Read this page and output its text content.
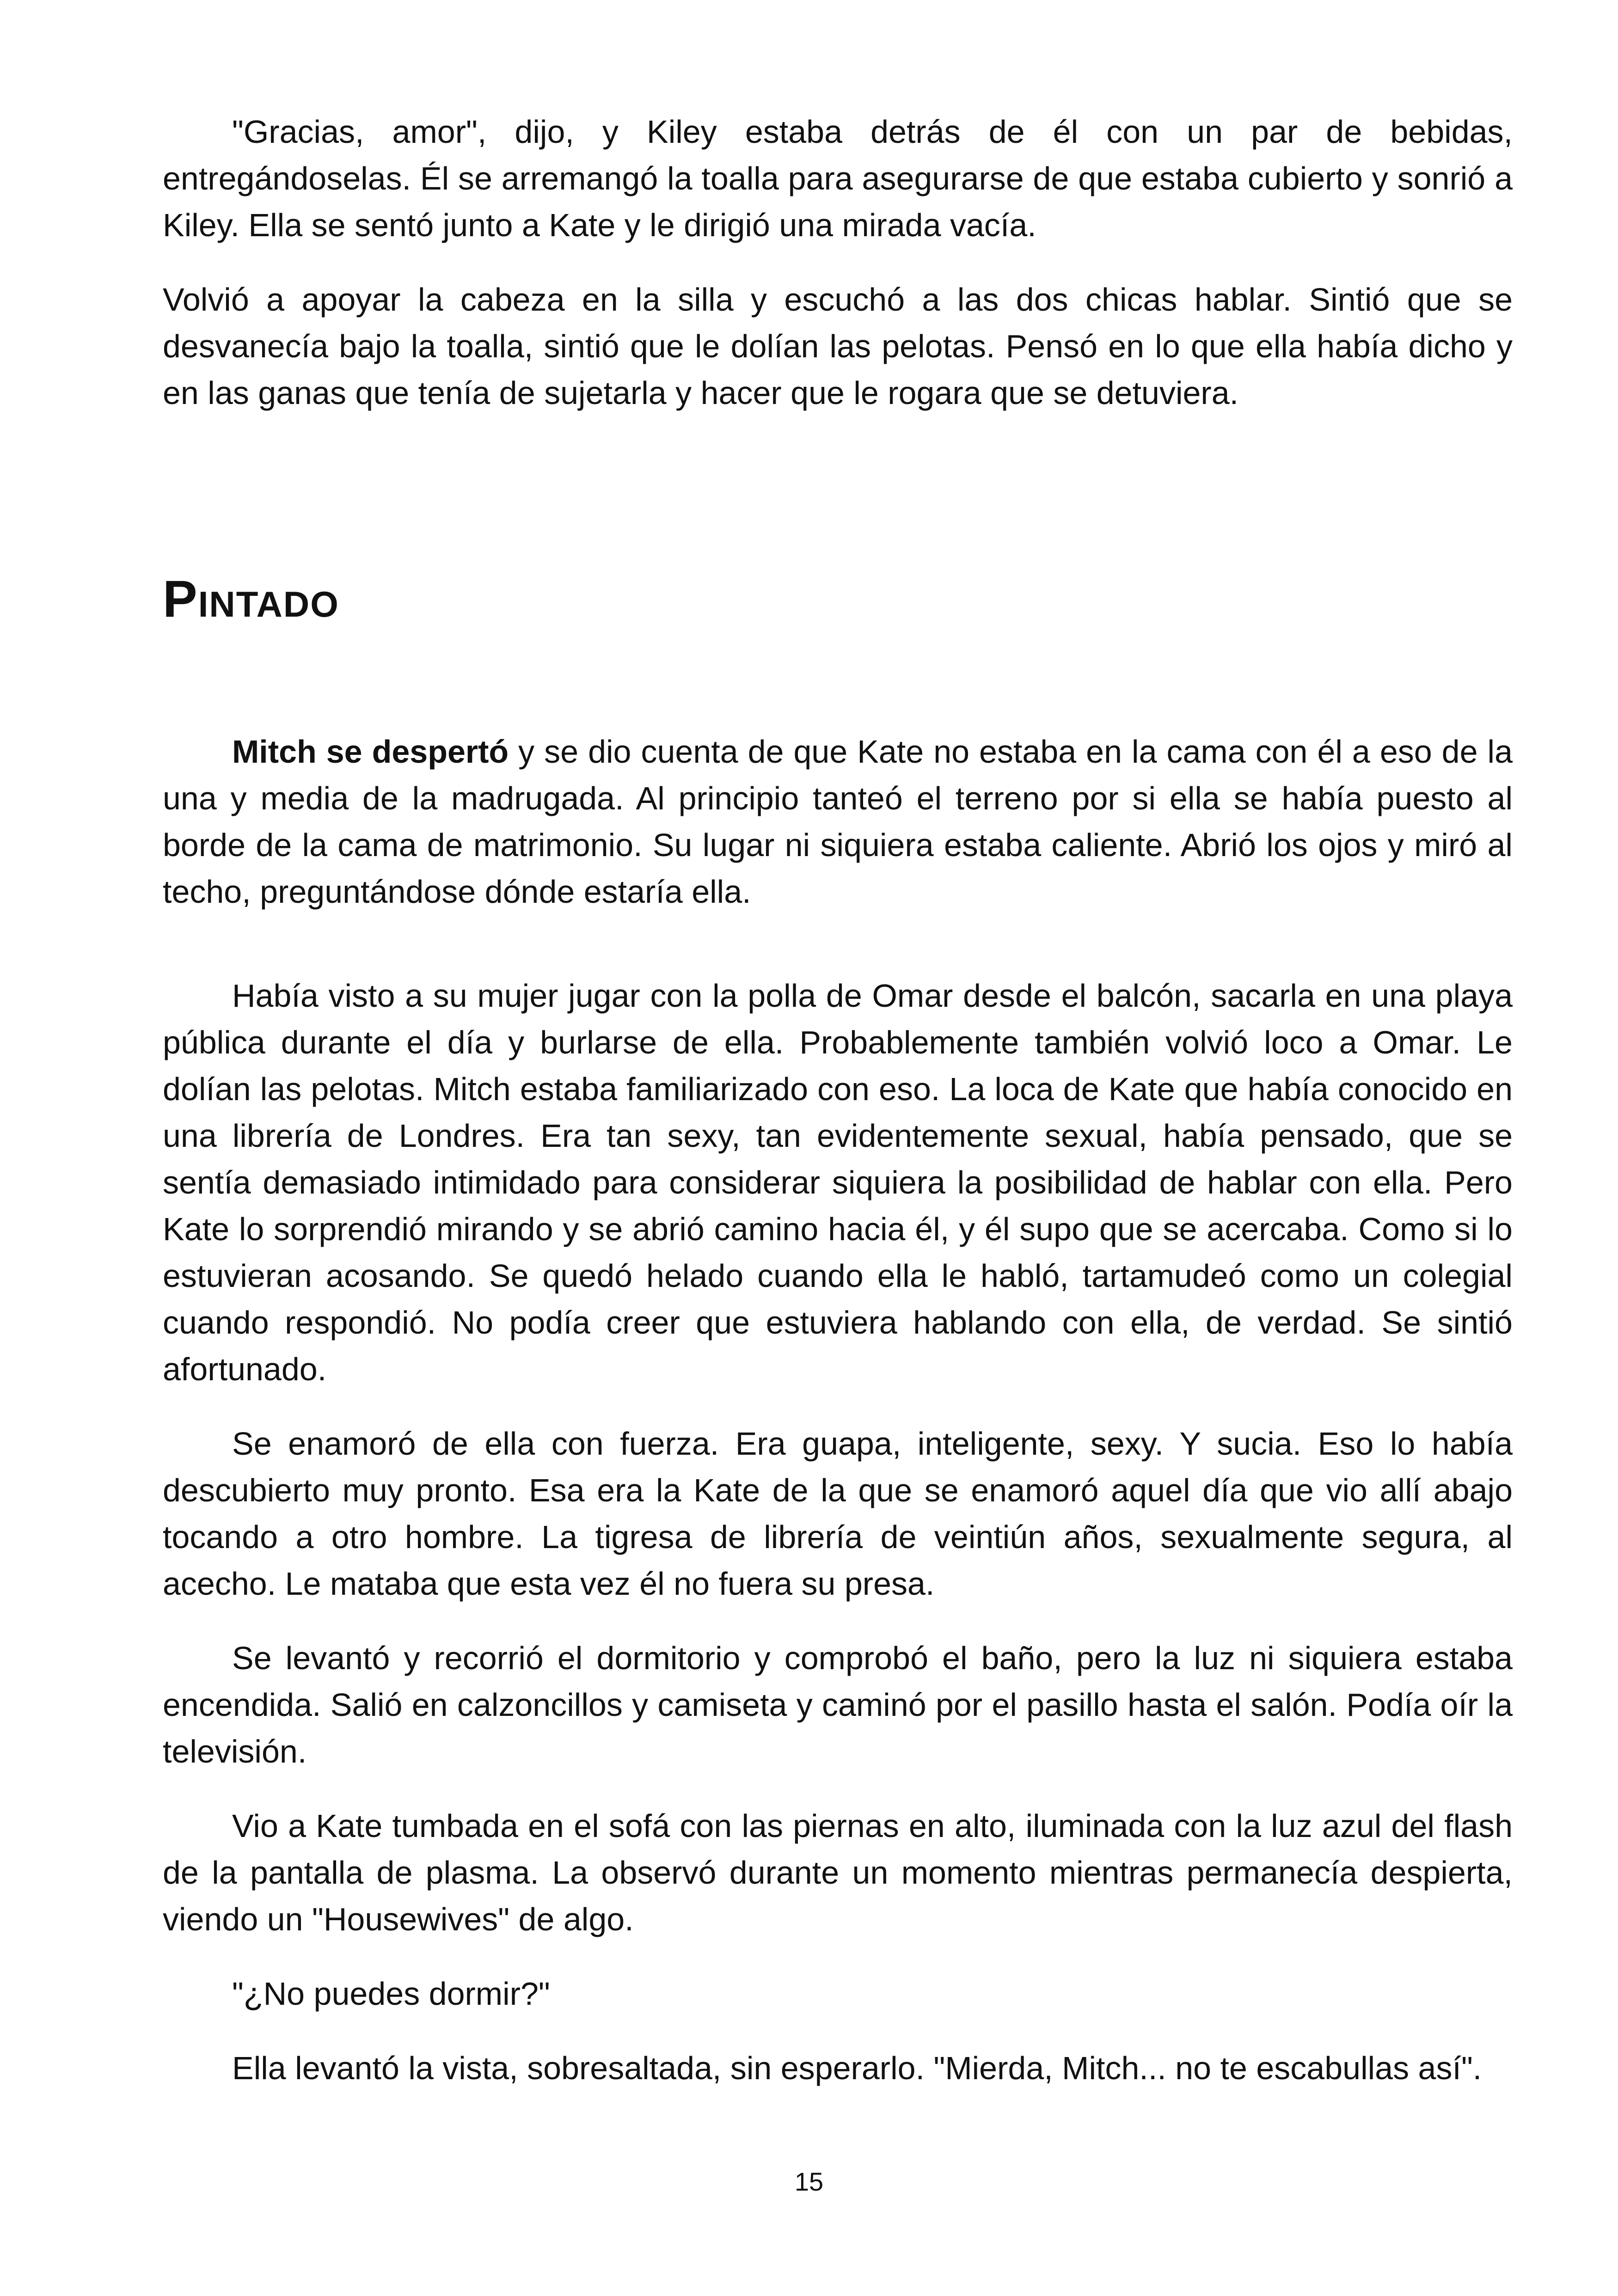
"Gracias, amor", dijo, y Kiley estaba detrás de él con un par de bebidas, entregándoselas. Él se arremangó la toalla para asegurarse de que estaba cubierto y sonrió a Kiley. Ella se sentó junto a Kate y le dirigió una mirada vacía.

Volvió a apoyar la cabeza en la silla y escuchó a las dos chicas hablar. Sintió que se desvanecía bajo la toalla, sintió que le dolían las pelotas. Pensó en lo que ella había dicho y en las ganas que tenía de sujetarla y hacer que le rogara que se detuviera.

Pintado

Mitch se despertó y se dio cuenta de que Kate no estaba en la cama con él a eso de la una y media de la madrugada. Al principio tanteó el terreno por si ella se había puesto al borde de la cama de matrimonio. Su lugar ni siquiera estaba caliente. Abrió los ojos y miró al techo, preguntándose dónde estaría ella.

Había visto a su mujer jugar con la polla de Omar desde el balcón, sacarla en una playa pública durante el día y burlarse de ella. Probablemente también volvió loco a Omar. Le dolían las pelotas. Mitch estaba familiarizado con eso. La loca de Kate que había conocido en una librería de Londres. Era tan sexy, tan evidentemente sexual, había pensado, que se sentía demasiado intimidado para considerar siquiera la posibilidad de hablar con ella. Pero Kate lo sorprendió mirando y se abrió camino hacia él, y él supo que se acercaba. Como si lo estuvieran acosando. Se quedó helado cuando ella le habló, tartamudeó como un colegial cuando respondió. No podía creer que estuviera hablando con ella, de verdad. Se sintió afortunado.

Se enamoró de ella con fuerza. Era guapa, inteligente, sexy. Y sucia. Eso lo había descubierto muy pronto. Esa era la Kate de la que se enamoró aquel día que vio allí abajo tocando a otro hombre. La tigresa de librería de veintiún años, sexualmente segura, al acecho. Le mataba que esta vez él no fuera su presa.

Se levantó y recorrió el dormitorio y comprobó el baño, pero la luz ni siquiera estaba encendida. Salió en calzoncillos y camiseta y caminó por el pasillo hasta el salón. Podía oír la televisión.

Vio a Kate tumbada en el sofá con las piernas en alto, iluminada con la luz azul del flash de la pantalla de plasma. La observó durante un momento mientras permanecía despierta, viendo un "Housewives" de algo.

"¿No puedes dormir?"

Ella levantó la vista, sobresaltada, sin esperarlo. "Mierda, Mitch... no te escabullas así".

15
